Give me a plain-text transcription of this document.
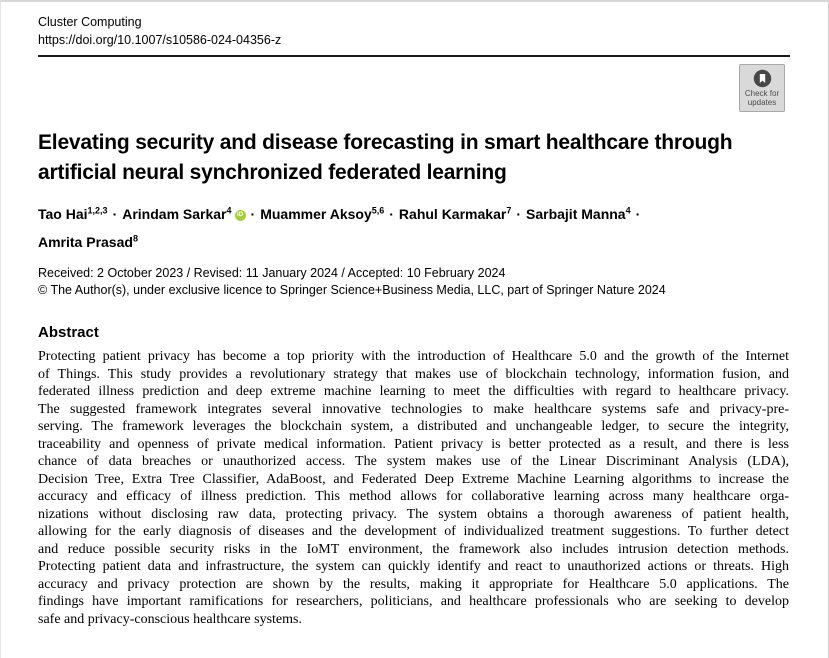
Cluster Computing
https://doi.org/10.1007/s10586-024-04356-z
Check for
updates
Elevating security and disease forecasting in smart healthcare through
artificial neural synchronized federated learning
Tao Hai$^{1,2,3}$ · Arindam Sarkar$^4$ iD · Muammer Aksoy$^{5,6}$ · Rahul Karmakar$^7$ · Sarbajit Manna$^4$ ·
Amrita Prasad$^8$
Received: 2 October 2023 / Revised: 11 January 2024 / Accepted: 10 February 2024
© The Author(s), under exclusive licence to Springer Science+Business Media, LLC, part of Springer Nature 2024
Abstract
Protecting patient privacy has become a top priority with the introduction of Healthcare 5.0 and the growth of the Internet
of Things. This study provides a revolutionary strategy that makes use of blockchain technology, information fusion, and
federated illness prediction and deep extreme machine learning to meet the difficulties with regard to healthcare privacy.
The suggested framework integrates several innovative technologies to make healthcare systems safe and privacy-pre-
serving. The framework leverages the blockchain system, a distributed and unchangeable ledger, to secure the integrity,
traceability and openness of private medical information. Patient privacy is better protected as a result, and there is less
chance of data breaches or unauthorized access. The system makes use of the Linear Discriminant Analysis (LDA),
Decision Tree, Extra Tree Classifier, AdaBoost, and Federated Deep Extreme Machine Learning algorithms to increase the
accuracy and efficacy of illness prediction. This method allows for collaborative learning across many healthcare orga-
nizations without disclosing raw data, protecting privacy. The system obtains a thorough awareness of patient health,
allowing for the early diagnosis of diseases and the development of individualized treatment suggestions. To further detect
and reduce possible security risks in the IoMT environment, the framework also includes intrusion detection methods.
Protecting patient data and infrastructure, the system can quickly identify and react to unauthorized actions or threats. High
accuracy and privacy protection are shown by the results, making it appropriate for Healthcare 5.0 applications. The
findings have important ramifications for researchers, politicians, and healthcare professionals who are seeking to develop
safe and privacy-conscious healthcare systems.
